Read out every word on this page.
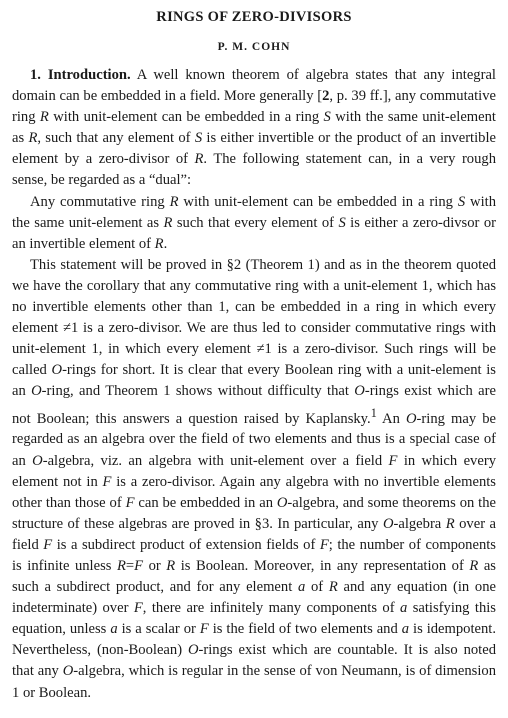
RINGS OF ZERO-DIVISORS
P. M. COHN

1. Introduction. A well known theorem of algebra states that any integral domain can be embedded in a field. More generally [2, p. 39 ff.], any commutative ring R with unit-element can be embedded in a ring S with the same unit-element as R, such that any element of S is either invertible or the product of an invertible element by a zero-divisor of R. The following statement can, in a very rough sense, be regarded as a “dual”:

Any commutative ring R with unit-element can be embedded in a ring S with the same unit-element as R such that every element of S is either a zero-divsor or an invertible element of R.

This statement will be proved in §2 (Theorem 1) and as in the theorem quoted we have the corollary that any commutative ring with a unit-element 1, which has no invertible elements other than 1, can be embedded in a ring in which every element ≠1 is a zero-divisor. We are thus led to consider commutative rings with unit-element 1, in which every element ≠1 is a zero-divisor. Such rings will be called O-rings for short. It is clear that every Boolean ring with a unit-element is an O-ring, and Theorem 1 shows without difficulty that O-rings exist which are not Boolean; this answers a question raised by Kaplansky.$^1$ An O-ring may be regarded as an algebra over the field of two elements and thus is a special case of an O-algebra, viz. an algebra with unit-element over a field F in which every element not in F is a zero-divisor. Again any algebra with no invertible elements other than those of F can be embedded in an O-algebra, and some theorems on the structure of these algebras are proved in §3. In particular, any O-algebra R over a field F is a subdirect product of extension fields of F; the number of components is infinite unless R=F or R is Boolean. Moreover, in any representation of R as such a subdirect product, and for any element a of R and any equation (in one indeterminate) over F, there are infinitely many components of a satisfying this equation, unless a is a scalar or F is the field of two elements and a is idempotent. Nevertheless, (non-Boolean) O-rings exist which are countable. It is also noted that any O-algebra, which is regular in the sense of von Neumann, is of dimension 1 or Boolean.
